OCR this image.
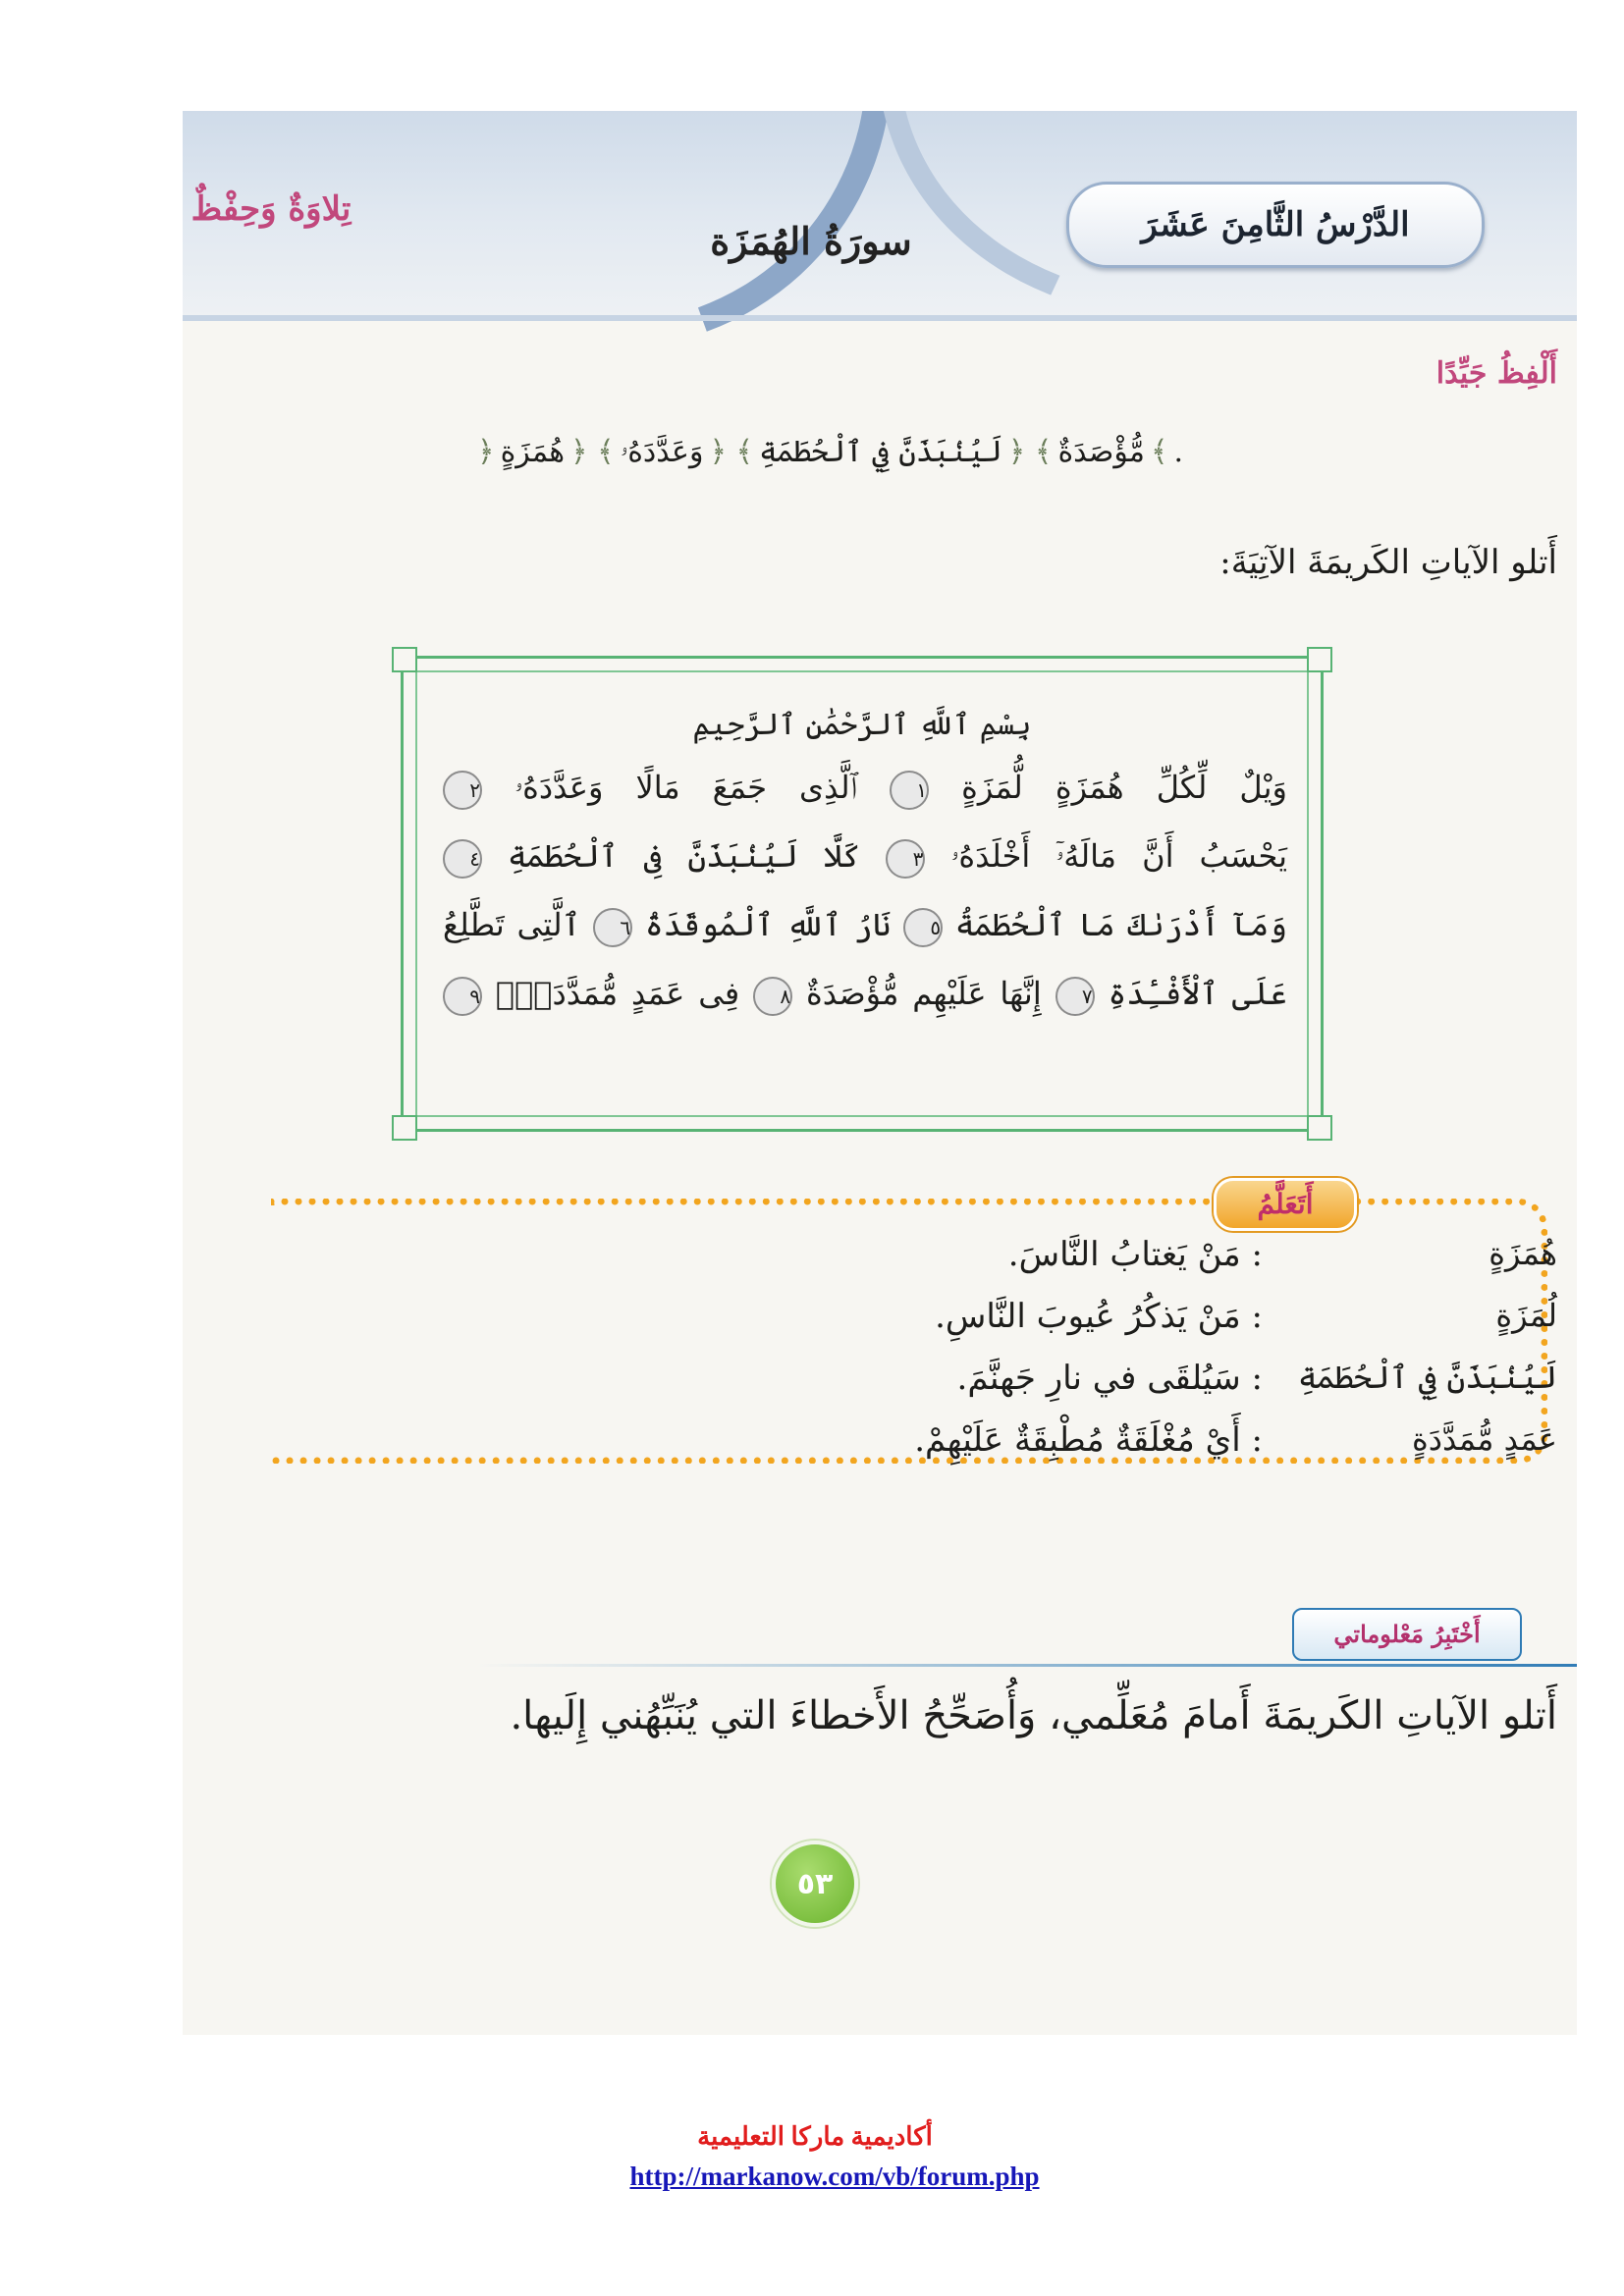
الدَّرْسُ الثَّامِنَ عَشَرَ
سورَةُ الهُمَزَة
تِلاوَةٌ وَحِفْظٌ
أَلْفِظُ جَيِّدًا
﴿ هُمَزَةٍ ﴾ ﴿ وَعَدَّدَهُۥ ﴾ ﴿ لَيُنۢبَذَنَّ فِي ٱلْحُطَمَةِ ﴾ ﴿ مُّؤْصَدَةٌ ﴾ .
أَتلو الآياتِ الكَريمَةَ الآتِيَةَ:
بِسْمِ ٱللَّهِ ٱلرَّحْمَٰنِ ٱلرَّحِيمِ
وَيْلٌ لِّكُلِّ هُمَزَةٍ لُّمَزَةٍ ١ ٱلَّذِى جَمَعَ مَالًا وَعَدَّدَهُۥ ٢
يَحْسَبُ أَنَّ مَالَهُۥٓ أَخْلَدَهُۥ ٣ كَلَّا لَيُنۢبَذَنَّ فِى ٱلْحُطَمَةِ ٤
وَمَآ أَدْرَىٰكَ مَا ٱلْحُطَمَةُ ٥ نَارُ ٱللَّهِ ٱلْمُوقَدَةُ ٦ ٱلَّتِى تَطَّلِعُ
عَلَى ٱلْأَفْـِٔدَةِ ٧ إِنَّهَا عَلَيْهِم مُّؤْصَدَةٌ ٨ فِى عَمَدٍ مُّمَدَّدَةٍۭ ٩
أَتَعَلَّمُ
هُمَزَةٍ
: مَنْ يَغتابُ النَّاسَ.
لُمَزَةٍ
: مَنْ يَذكُرُ عُيوبَ النَّاسِ.
لَيُنۢبَذَنَّ فِي ٱلْحُطَمَةِ
: سَيُلقَى في نارِ جَهنَّمَ.
عَمَدٍ مُّمَدَّدَةٍ
: أَيْ مُغْلَقَةٌ مُطْبِقَةٌ عَلَيْهِمْ.
أَخْتَبِرُ مَعْلوماتي
أَتلو الآياتِ الكَريمَةَ أَمامَ مُعَلِّمي، وَأُصَحِّحُ الأَخطاءَ التي يُنَبِّهُني إِلَيها.
٥٣
أكاديمية ماركا التعليمية
http://markanow.com/vb/forum.php
